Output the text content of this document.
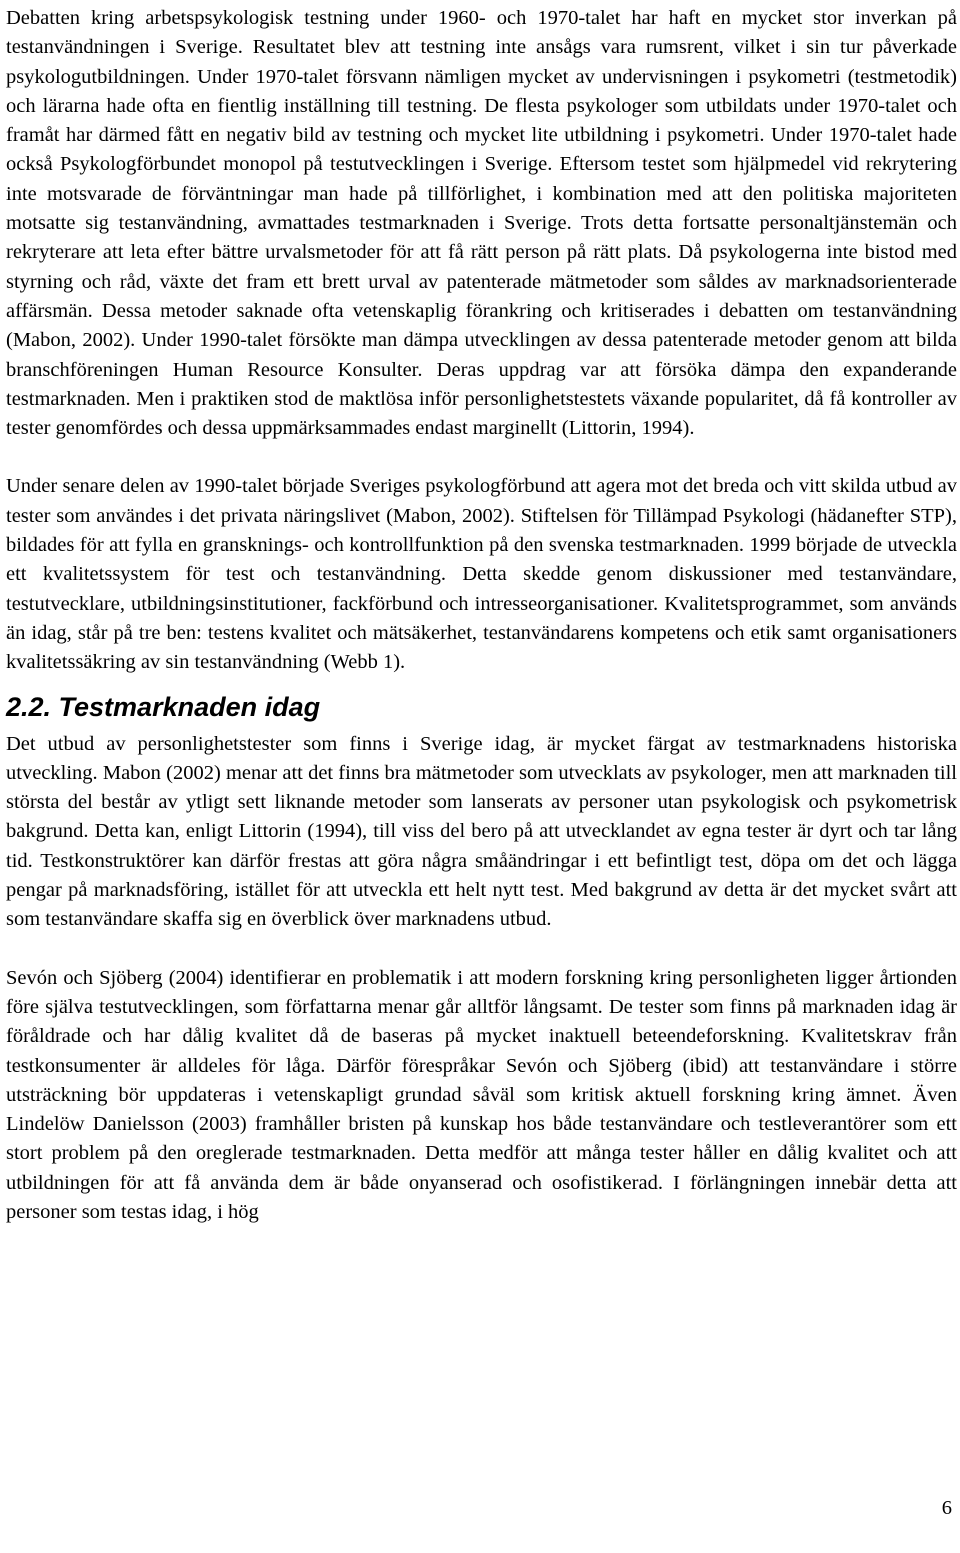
Debatten kring arbetspsykologisk testning under 1960- och 1970-talet har haft en mycket stor inverkan på testanvändningen i Sverige. Resultatet blev att testning inte ansågs vara rumsrent, vilket i sin tur påverkade psykologutbildningen. Under 1970-talet försvann nämligen mycket av undervisningen i psykometri (testmetodik) och lärarna hade ofta en fientlig inställning till testning. De flesta psykologer som utbildats under 1970-talet och framåt har därmed fått en negativ bild av testning och mycket lite utbildning i psykometri. Under 1970-talet hade också Psykologförbundet monopol på testutvecklingen i Sverige. Eftersom testet som hjälpmedel vid rekrytering inte motsvarade de förväntningar man hade på tillförlighet, i kombination med att den politiska majoriteten motsatte sig testanvändning, avmattades testmarknaden i Sverige. Trots detta fortsatte personaltjänstemän och rekryterare att leta efter bättre urvalsmetoder för att få rätt person på rätt plats. Då psykologerna inte bistod med styrning och råd, växte det fram ett brett urval av patenterade mätmetoder som såldes av marknadsorienterade affärsmän. Dessa metoder saknade ofta vetenskaplig förankring och kritiserades i debatten om testanvändning (Mabon, 2002). Under 1990-talet försökte man dämpa utvecklingen av dessa patenterade metoder genom att bilda branschföreningen Human Resource Konsulter. Deras uppdrag var att försöka dämpa den expanderande testmarknaden. Men i praktiken stod de maktlösa inför personlighetstestets växande popularitet, då få kontroller av tester genomfördes och dessa uppmärksammades endast marginellt (Littorin, 1994).

Under senare delen av 1990-talet började Sveriges psykologförbund att agera mot det breda och vitt skilda utbud av tester som användes i det privata näringslivet (Mabon, 2002). Stiftelsen för Tillämpad Psykologi (hädanefter STP), bildades för att fylla en gransknings- och kontrollfunktion på den svenska testmarknaden. 1999 började de utveckla ett kvalitetssystem för test och testanvändning. Detta skedde genom diskussioner med testanvändare, testutvecklare, utbildningsinstitutioner, fackförbund och intresseorganisationer. Kvalitetsprogrammet, som används än idag, står på tre ben: testens kvalitet och mätsäkerhet, testanvändarens kompetens och etik samt organisationers kvalitetssäkring av sin testanvändning (Webb 1).

2.2. Testmarknaden idag

Det utbud av personlighetstester som finns i Sverige idag, är mycket färgat av testmarknadens historiska utveckling. Mabon (2002) menar att det finns bra mätmetoder som utvecklats av psykologer, men att marknaden till största del består av ytligt sett liknande metoder som lanserats av personer utan psykologisk och psykometrisk bakgrund. Detta kan, enligt Littorin (1994), till viss del bero på att utvecklandet av egna tester är dyrt och tar lång tid. Testkonstruktörer kan därför frestas att göra några småändringar i ett befintligt test, döpa om det och lägga pengar på marknadsföring, istället för att utveckla ett helt nytt test. Med bakgrund av detta är det mycket svårt att som testanvändare skaffa sig en överblick över marknadens utbud.

Sevón och Sjöberg (2004) identifierar en problematik i att modern forskning kring personligheten ligger årtionden före själva testutvecklingen, som författarna menar går alltför långsamt. De tester som finns på marknaden idag är föråldrade och har dålig kvalitet då de baseras på mycket inaktuell beteendeforskning. Kvalitetskrav från testkonsumenter är alldeles för låga. Därför förespråkar Sevón och Sjöberg (ibid) att testanvändare i större utsträckning bör uppdateras i vetenskapligt grundad såväl som kritisk aktuell forskning kring ämnet. Även Lindelöw Danielsson (2003) framhåller bristen på kunskap hos både testanvändare och testleverantörer som ett stort problem på den oreglerade testmarknaden. Detta medför att många tester håller en dålig kvalitet och att utbildningen för att få använda dem är både onyanserad och osofistikerad. I förlängningen innebär detta att personer som testas idag, i hög

6
